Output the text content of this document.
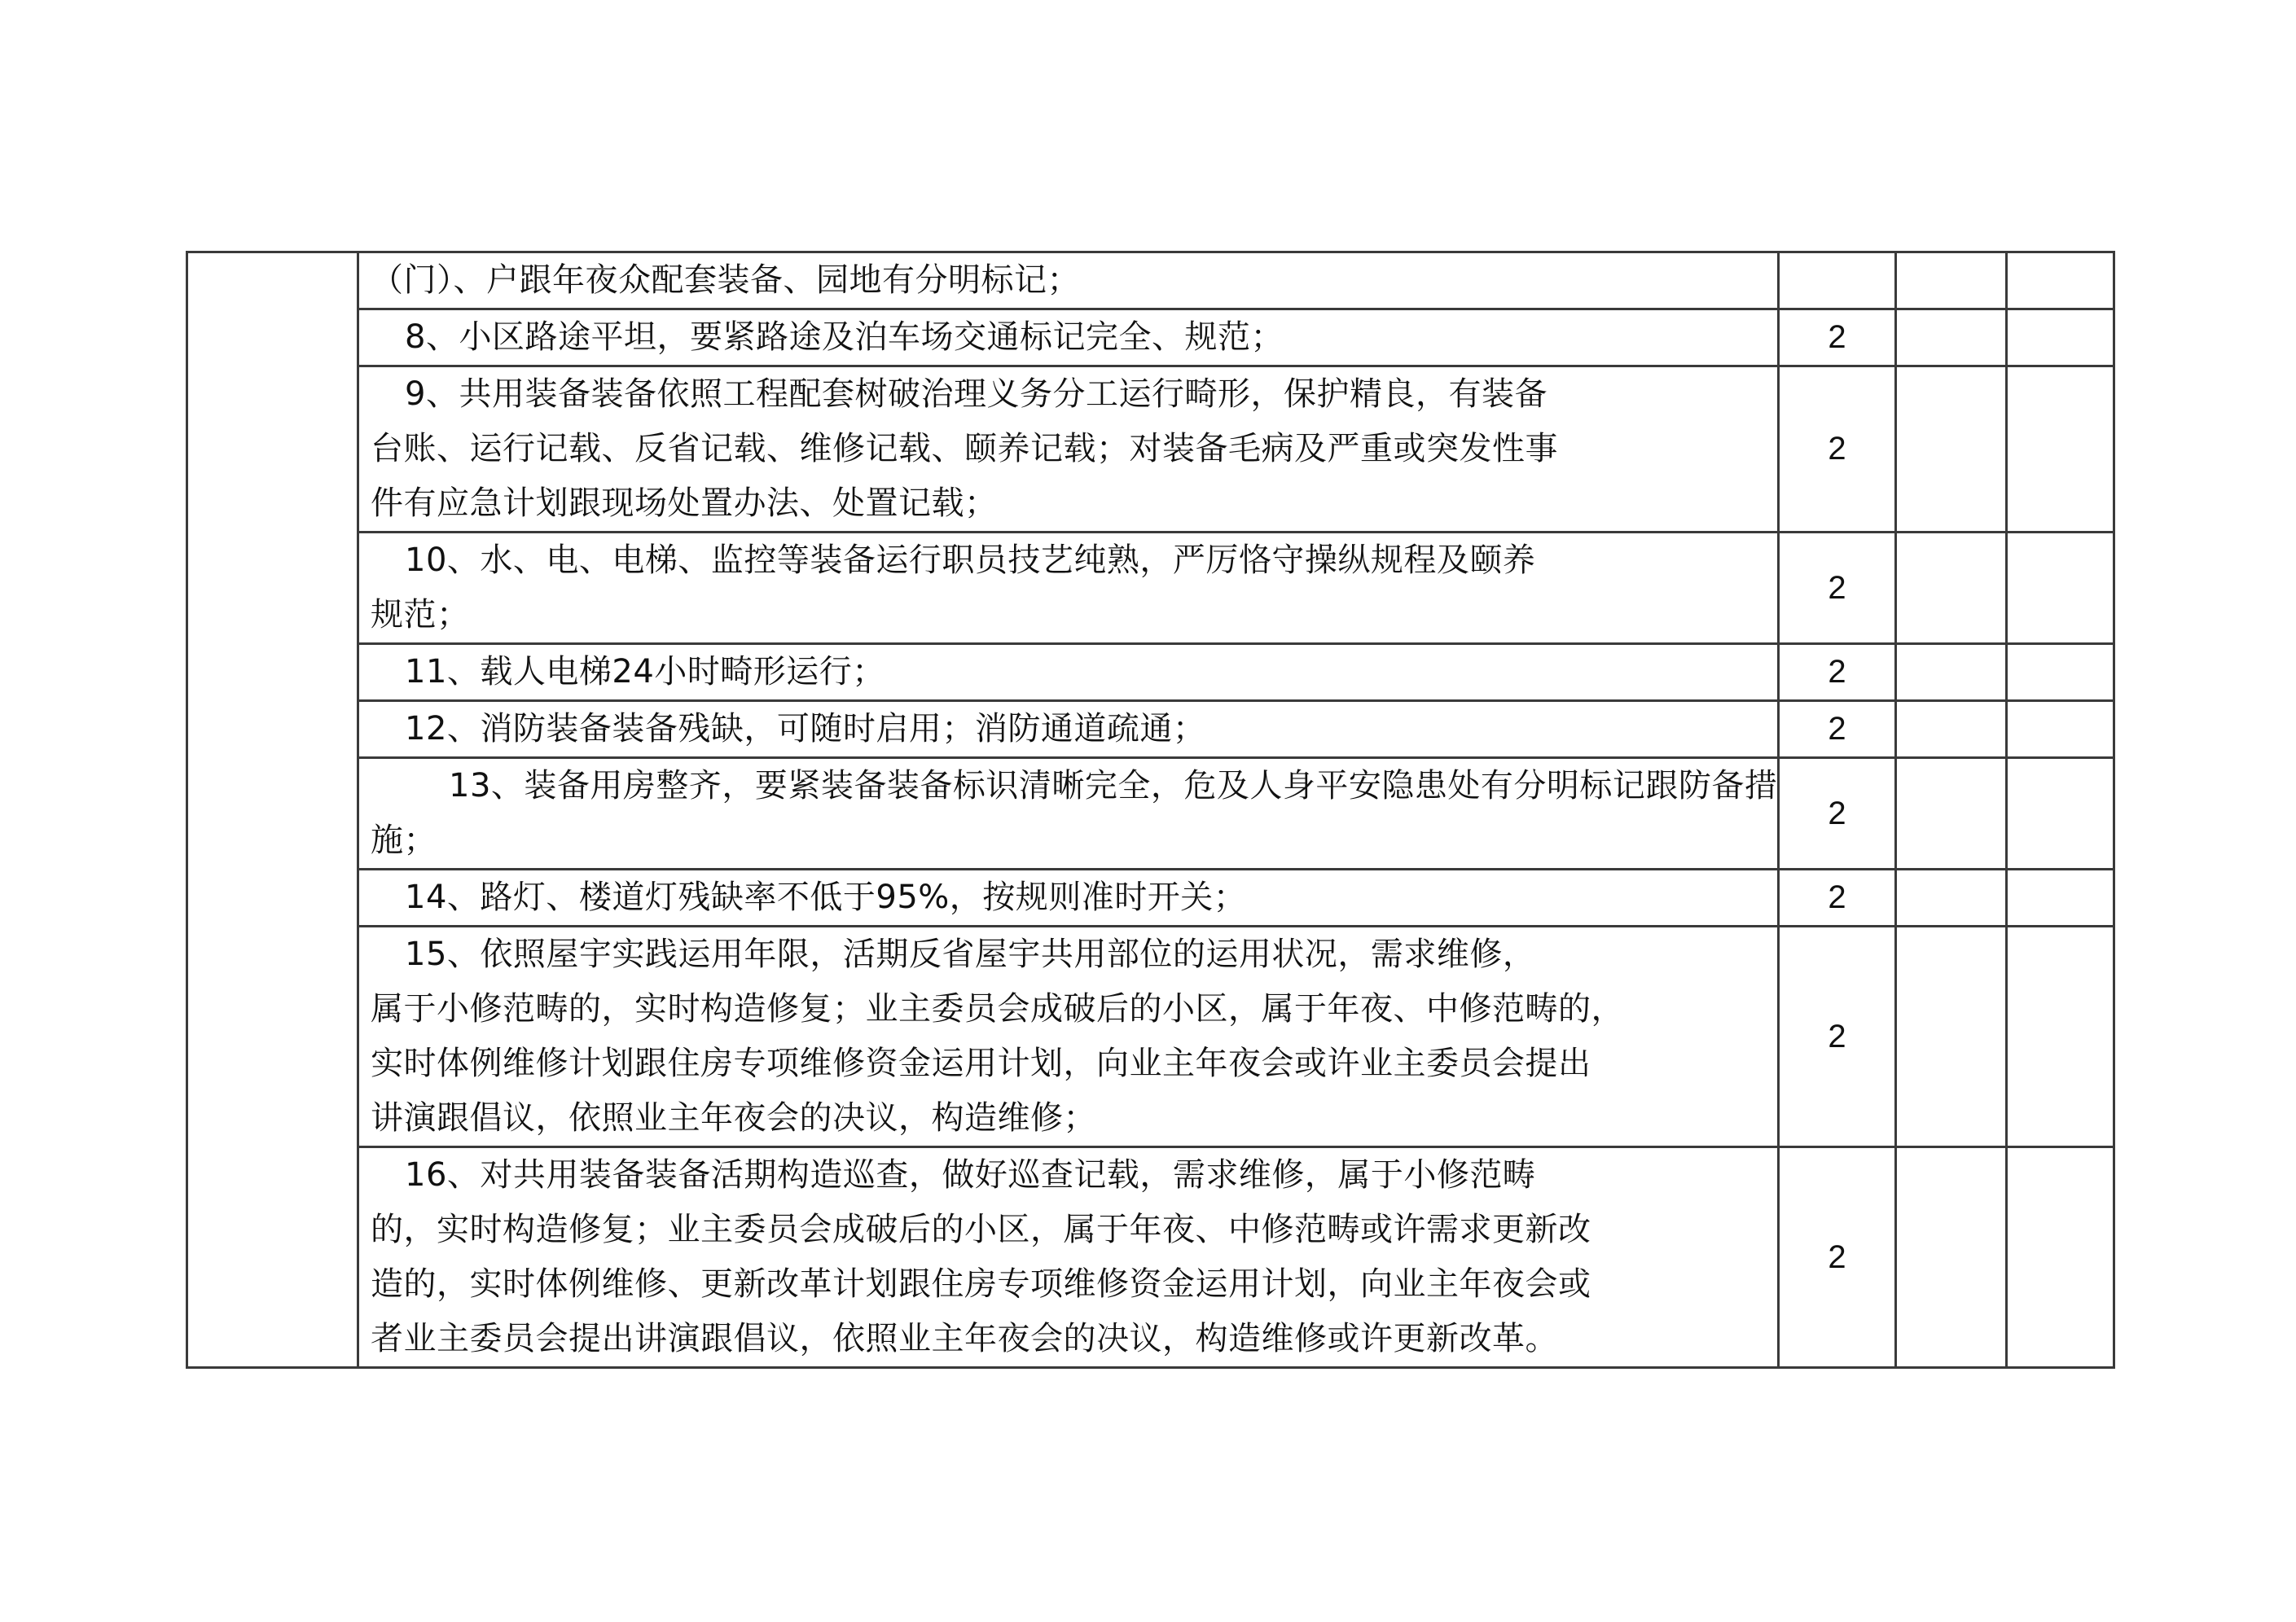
	（门）、户跟年夜众配套装备、园地有分明标记；			

	8、小区路途平坦，要紧路途及泊车场交通标记完全、规范；	2		

	9、共用装备装备依照工程配套树破治理义务分工运行畸形，保护精良，有装备
台账、运行记载、反省记载、维修记载、颐养记载；对装备毛病及严重或突发性事
件有应急计划跟现场处置办法、处置记载；	2		

	10、水、电、电梯、监控等装备运行职员技艺纯熟，严厉恪守操纵规程及颐养
规范；	2		

	11、载人电梯24小时畸形运行；	2		

	12、消防装备装备残缺，可随时启用；消防通道疏通；	2		

	13、装备用房整齐，要紧装备装备标识清晰完全，危及人身平安隐患处有分明标记跟防备措
施；	2		

	14、路灯、楼道灯残缺率不低于95%，按规则准时开关；	2		

	15、依照屋宇实践运用年限，活期反省屋宇共用部位的运用状况，需求维修，
属于小修范畴的，实时构造修复；业主委员会成破后的小区，属于年夜、中修范畴的，
实时体例维修计划跟住房专项维修资金运用计划，向业主年夜会或许业主委员会提出
讲演跟倡议，依照业主年夜会的决议，构造维修；	2		

	16、对共用装备装备活期构造巡查，做好巡查记载，需求维修，属于小修范畴
的，实时构造修复；业主委员会成破后的小区，属于年夜、中修范畴或许需求更新改
造的，实时体例维修、更新改革计划跟住房专项维修资金运用计划，向业主年夜会或
者业主委员会提出讲演跟倡议，依照业主年夜会的决议，构造维修或许更新改革。	2		
